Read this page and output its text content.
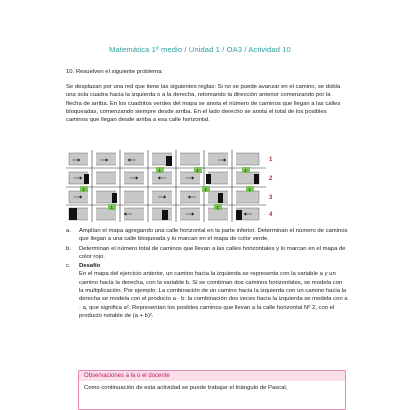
Matemática 1º medio / Unidad 1 / OA3 / Actividad 10
10. Resuelven el siguiente problema:
Se desplazan por una red que tiene las siguientes reglas: Si no se puede avanzar en el camino, se dobla una sola cuadra hacia la izquierda o a la derecha, retomando la dirección anterior comenzando por la flecha de arriba. En los cuadritos verdes del mapa se anota el número de caminos que llegan a las calles bloqueadas, comenzando siempre desde arriba. En el lado derecho se anota el total de los posibles caminos que llegan desde arriba a esa calle horizontal.
1	1	1
1	1	1
1	1
1
2
3
4
a. Amplían el mapa agregando una calle horizontal en la parte inferior. Determinan el número de caminos que llegan a una calle bloqueada y lo marcan en el mapa de color verde.
b. Determinan el número total de caminos que llevan a las calles horizontales y lo marcan en el mapa de color rojo.
c. Desafío
En el mapa del ejercicio anterior, un camino hacia la izquierda se representa con la variable a y un camino hacia la derecha, con la variable b. Si se combinan dos caminos horizontales, se modela con la multiplicación. Por ejemplo: La combinación de un camino hacia la izquierda con un camino hacia la derecha se modela con el producto a · b: la combinación dos veces hacia la izquierda se modela con a · a, que significa a². Representan los posibles caminos que llevan a la calle horizontal Nº 2, con el producto notable de (a + b)².
Observaciones a la o el docente
Como continuación de esta actividad se puede trabajar el triángulo de Pascal,
